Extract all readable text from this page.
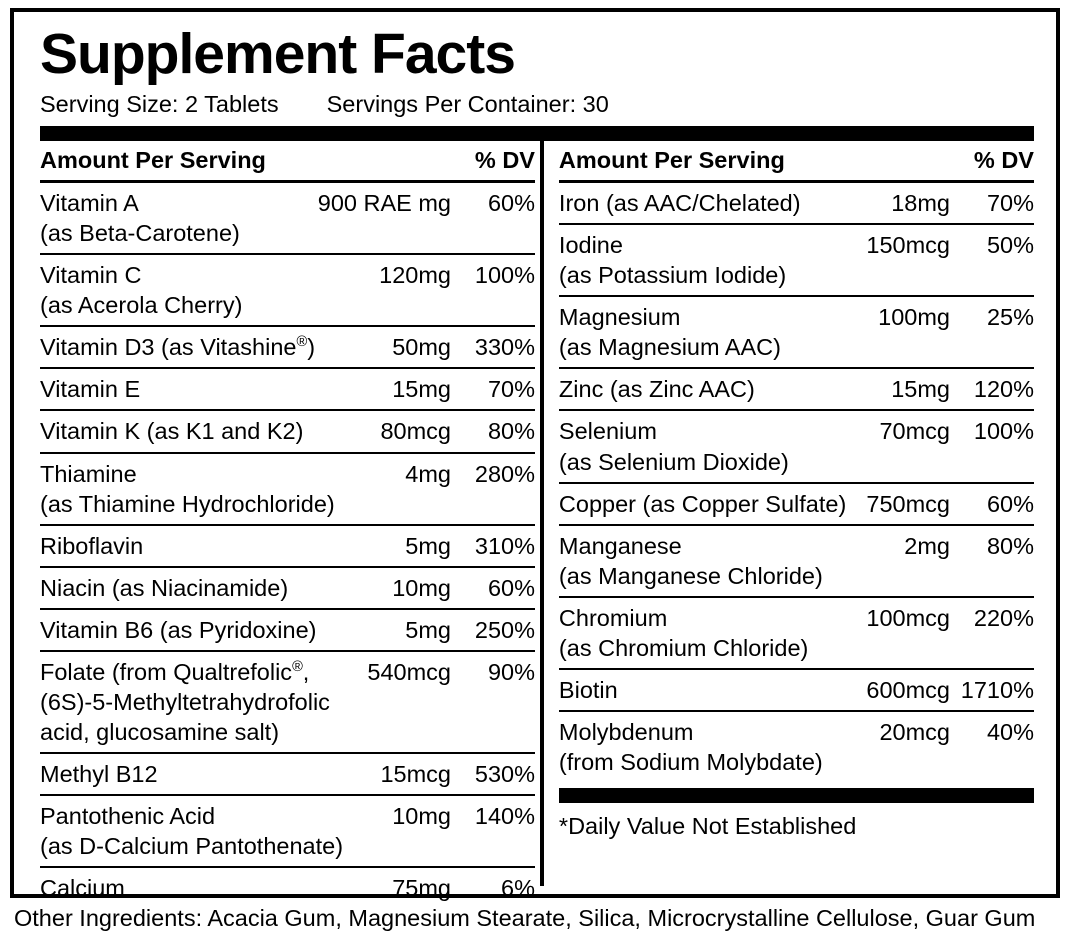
Supplement Facts
Serving Size: 2 Tablets Servings Per Container: 30
Amount Per Serving	% DV
Vitamin A
(as Beta-Carotene)
900 RAE mg	60%
Vitamin C
(as Acerola Cherry)
120mg	100%
Vitamin D3 (as Vitashine®)	50mg	330%
Vitamin E	15mg	70%
Vitamin K (as K1 and K2)	80mcg	80%
Thiamine
(as Thiamine Hydrochloride)
4mg	280%
Riboflavin	5mg	310%
Niacin (as Niacinamide)	10mg	60%
Vitamin B6 (as Pyridoxine)	5mg	250%
Folate (from Qualtrefolic®,
(6S)-5-Methyltetrahydrofolic acid, glucosamine salt)
540mcg	90%
Methyl B12	15mcg	530%
Pantothenic Acid
(as D-Calcium Pantothenate)
10mg	140%
Calcium	75mg	6%
Amount Per Serving	% DV
Iron (as AAC/Chelated)	18mg	70%
Iodine
(as Potassium Iodide)
150mcg	50%
Magnesium
(as Magnesium AAC)
100mg	25%
Zinc (as Zinc AAC)	15mg	120%
Selenium
(as Selenium Dioxide)
70mcg	100%
Copper (as Copper Sulfate) 750mcg	60%
Manganese
(as Manganese Chloride)
2mg	80%
Chromium
(as Chromium Chloride)
100mcg	220%
Biotin	600mcg 1710%
Molybdenum
(from Sodium Molybdate)
20mcg	40%
*Daily Value Not Established
Other Ingredients: Acacia Gum, Magnesium Stearate, Silica, Microcrystalline Cellulose, Guar Gum
